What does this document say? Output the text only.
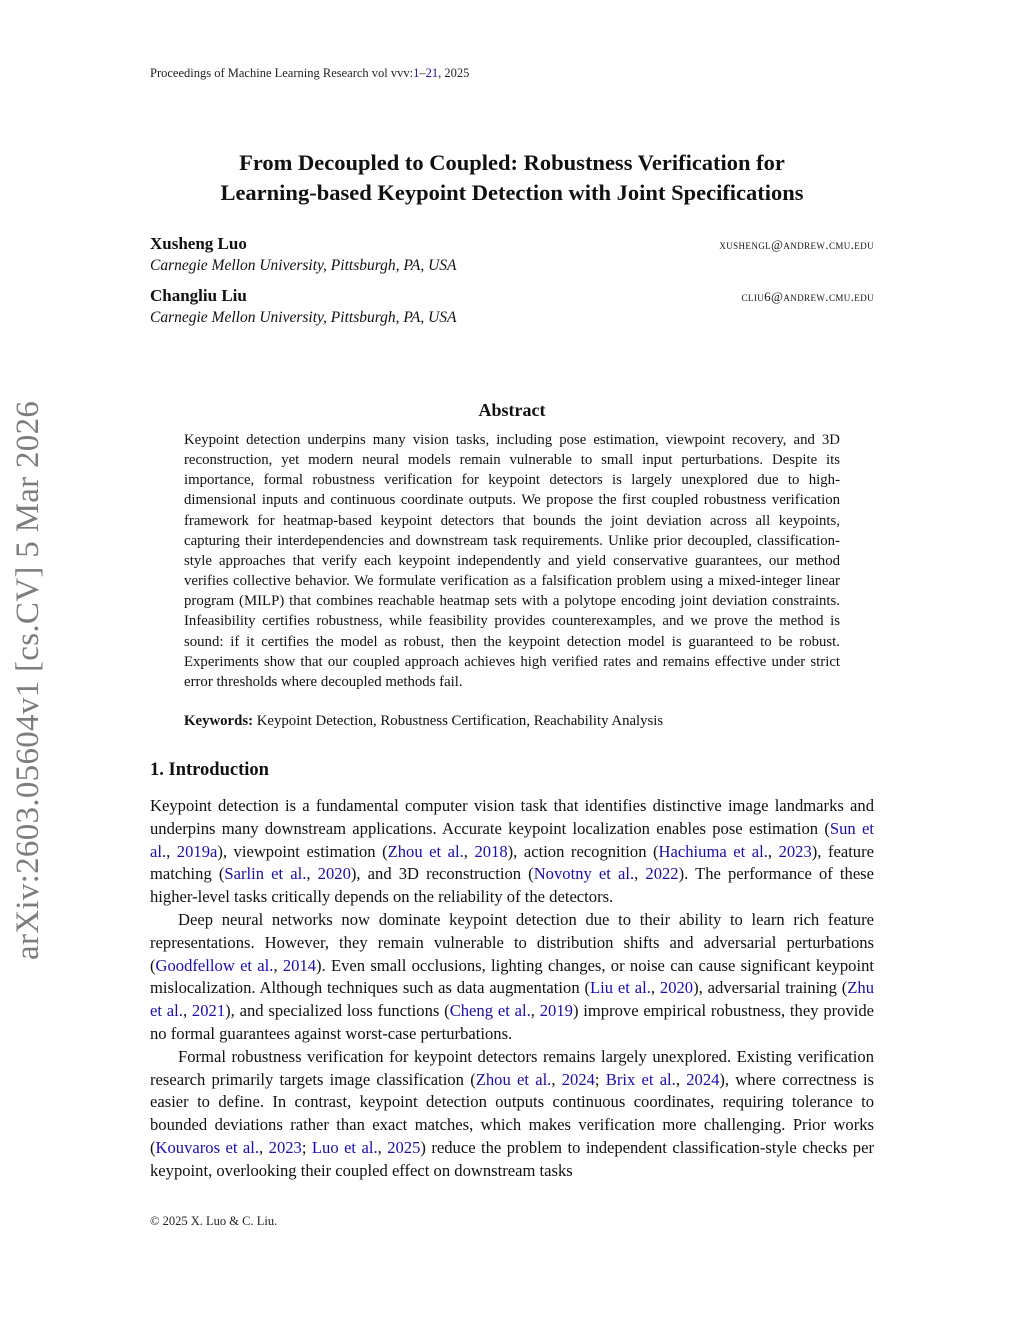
Proceedings of Machine Learning Research vol vvv:1–21, 2025
From Decoupled to Coupled: Robustness Verification for
Learning-based Keypoint Detection with Joint Specifications
Xusheng Luo	xushengl@andrew.cmu.edu
Carnegie Mellon University, Pittsburgh, PA, USA
Changliu Liu	cliu6@andrew.cmu.edu
Carnegie Mellon University, Pittsburgh, PA, USA
arXiv:2603.05604v1 [cs.CV] 5 Mar 2026	Abstract

Keypoint detection underpins many vision tasks, including pose estimation, viewpoint recovery, and 3D reconstruction, yet modern neural models remain vulnerable to small input perturbations. Despite its importance, formal robustness verification for keypoint detectors is largely unexplored due to high-dimensional inputs and continuous coordinate outputs. We propose the first coupled robustness verification framework for heatmap-based keypoint detectors that bounds the joint deviation across all keypoints, capturing their interdependencies and downstream task requirements. Unlike prior decoupled, classification-style approaches that verify each keypoint independently and yield conservative guarantees, our method verifies collective behavior. We formulate verification as a falsification problem using a mixed-integer linear program (MILP) that combines reachable heatmap sets with a polytope encoding joint deviation constraints. Infeasibility certifies robustness, while feasibility provides counterexamples, and we prove the method is sound: if it certifies the model as robust, then the keypoint detection model is guaranteed to be robust. Experiments show that our coupled approach achieves high verified rates and remains effective under strict error thresholds where decoupled methods fail.

Keywords: Keypoint Detection, Robustness Certification, Reachability Analysis

1. Introduction

Keypoint detection is a fundamental computer vision task that identifies distinctive image landmarks and underpins many downstream applications. Accurate keypoint localization enables pose estimation (Sun et al., 2019a), viewpoint estimation (Zhou et al., 2018), action recognition (Hachiuma et al., 2023), feature matching (Sarlin et al., 2020), and 3D reconstruction (Novotny et al., 2022). The performance of these higher-level tasks critically depends on the reliability of the detectors.

Deep neural networks now dominate keypoint detection due to their ability to learn rich feature representations. However, they remain vulnerable to distribution shifts and adversarial perturbations (Goodfellow et al., 2014). Even small occlusions, lighting changes, or noise can cause significant keypoint mislocalization. Although techniques such as data augmentation (Liu et al., 2020), adversarial training (Zhu et al., 2021), and specialized loss functions (Cheng et al., 2019) improve empirical robustness, they provide no formal guarantees against worst-case perturbations.

Formal robustness verification for keypoint detectors remains largely unexplored. Existing verification research primarily targets image classification (Zhou et al., 2024; Brix et al., 2024), where correctness is easier to define. In contrast, keypoint detection outputs continuous coordinates, requiring tolerance to bounded deviations rather than exact matches, which makes verification more challenging. Prior works (Kouvaros et al., 2023; Luo et al., 2025) reduce the problem to independent classification-style checks per keypoint, overlooking their coupled effect on downstream tasks

© 2025 X. Luo & C. Liu.
